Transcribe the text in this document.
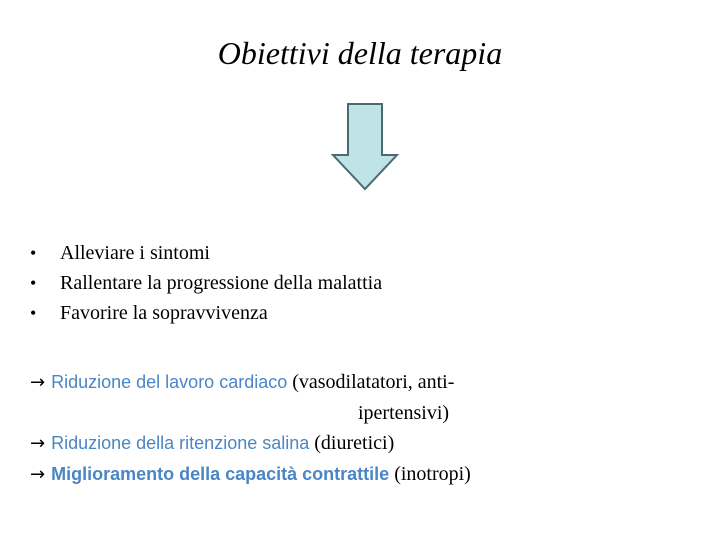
Obiettivi della terapia
•	Alleviare i sintomi
•	Rallentare la progressione della malattia
•	Favorire la sopravvivenza
→ Riduzione del lavoro cardiaco (vasodilatatori, anti-
ipertensivi)
→ Riduzione della ritenzione salina (diuretici)
→ Miglioramento della capacità contrattile (inotropi)
